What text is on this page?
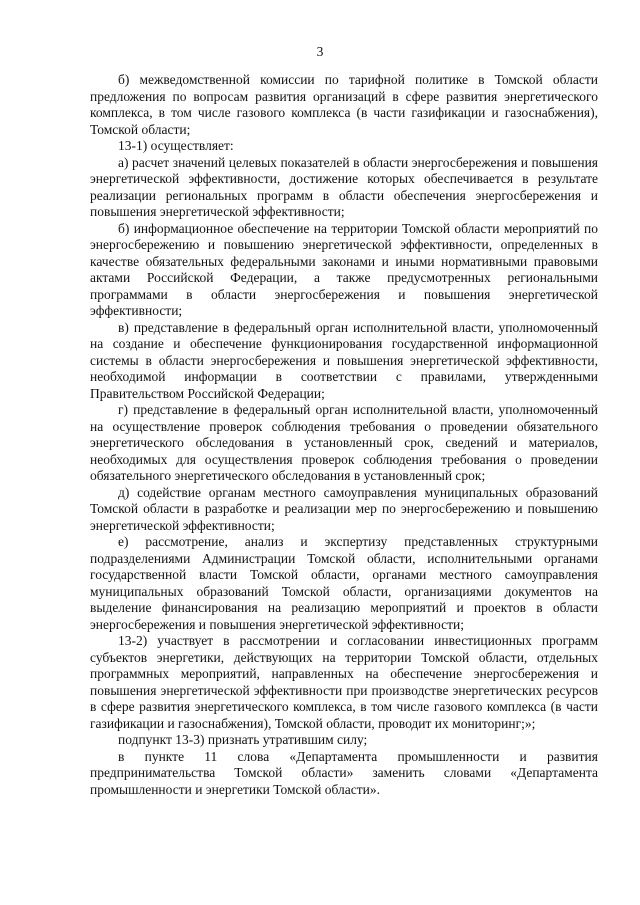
3

б) межведомственной комиссии по тарифной политике в Томской области предложения по вопросам развития организаций в сфере развития энергетического комплекса, в том числе газового комплекса (в части газификации и газоснабжения), Томской области;

13-1) осуществляет:

а) расчет значений целевых показателей в области энергосбережения и повышения энергетической эффективности, достижение которых обеспечивается в результате реализации региональных программ в области обеспечения энергосбережения и повышения энергетической эффективности;

б) информационное обеспечение на территории Томской области мероприятий по энергосбережению и повышению энергетической эффективности, определенных в качестве обязательных федеральными законами и иными нормативными правовыми актами Российской Федерации, а также предусмотренных региональными программами в области энергосбережения и повышения энергетической эффективности;

в) представление в федеральный орган исполнительной власти, уполномоченный на создание и обеспечение функционирования государственной информационной системы в области энергосбережения и повышения энергетической эффективности, необходимой информации в соответствии с правилами, утвержденными Правительством Российской Федерации;

г) представление в федеральный орган исполнительной власти, уполномоченный на осуществление проверок соблюдения требования о проведении обязательного энергетического обследования в установленный срок, сведений и материалов, необходимых для осуществления проверок соблюдения требования о проведении обязательного энергетического обследования в установленный срок;

д) содействие органам местного самоуправления муниципальных образований Томской области в разработке и реализации мер по энергосбережению и повышению энергетической эффективности;

е) рассмотрение, анализ и экспертизу представленных структурными подразделениями Администрации Томской области, исполнительными органами государственной власти Томской области, органами местного самоуправления муниципальных образований Томской области, организациями документов на выделение финансирования на реализацию мероприятий и проектов в области энергосбережения и повышения энергетической эффективности;

13-2) участвует в рассмотрении и согласовании инвестиционных программ субъектов энергетики, действующих на территории Томской области, отдельных программных мероприятий, направленных на обеспечение энергосбережения и повышения энергетической эффективности при производстве энергетических ресурсов в сфере развития энергетического комплекса, в том числе газового комплекса (в части газификации и газоснабжения), Томской области, проводит их мониторинг;»;

подпункт 13-3) признать утратившим силу;

в пункте 11 слова «Департамента промышленности и развития предпринимательства Томской области» заменить словами «Департамента промышленности и энергетики Томской области».
